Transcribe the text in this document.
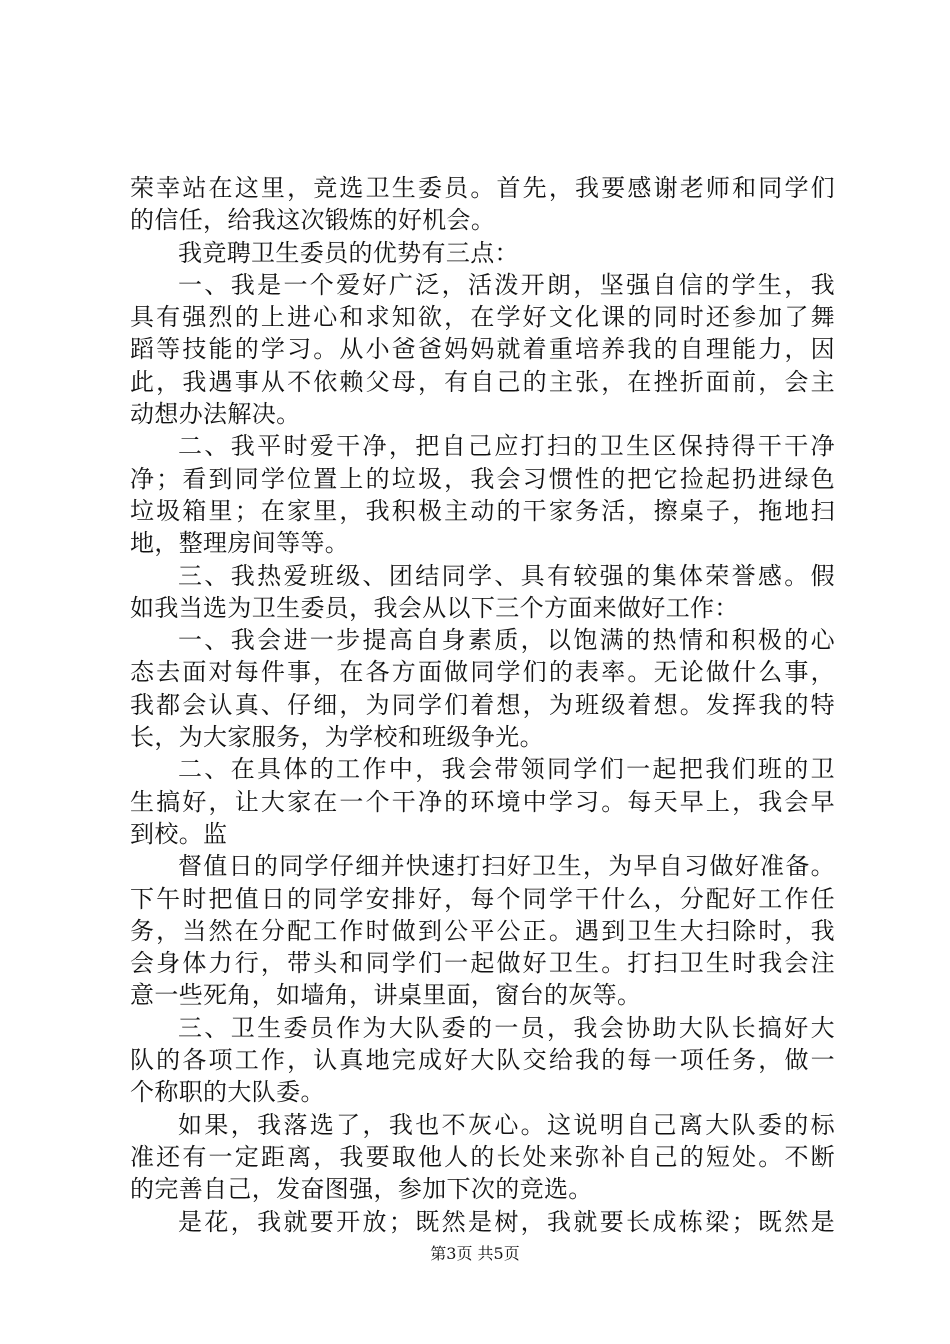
荣幸站在这里，竞选卫生委员。首先，我要感谢老师和同学们
的信任，给我这次锻炼的好机会。
我竞聘卫生委员的优势有三点：
一、我是一个爱好广泛，活泼开朗，坚强自信的学生，我
具有强烈的上进心和求知欲，在学好文化课的同时还参加了舞
蹈等技能的学习。从小爸爸妈妈就着重培养我的自理能力，因
此，我遇事从不依赖父母，有自己的主张，在挫折面前，会主
动想办法解决。
二、我平时爱干净，把自己应打扫的卫生区保持得干干净
净；看到同学位置上的垃圾，我会习惯性的把它捡起扔进绿色
垃圾箱里；在家里，我积极主动的干家务活，擦桌子，拖地扫
地，整理房间等等。
三、我热爱班级、团结同学、具有较强的集体荣誉感。假
如我当选为卫生委员，我会从以下三个方面来做好工作：
一、我会进一步提高自身素质，以饱满的热情和积极的心
态去面对每件事，在各方面做同学们的表率。无论做什么事，
我都会认真、仔细，为同学们着想，为班级着想。发挥我的特
长，为大家服务，为学校和班级争光。
二、在具体的工作中，我会带领同学们一起把我们班的卫
生搞好，让大家在一个干净的环境中学习。每天早上，我会早
到校。监
督值日的同学仔细并快速打扫好卫生，为早自习做好准备。
下午时把值日的同学安排好，每个同学干什么，分配好工作任
务，当然在分配工作时做到公平公正。遇到卫生大扫除时，我
会身体力行，带头和同学们一起做好卫生。打扫卫生时我会注
意一些死角，如墙角，讲桌里面，窗台的灰等。
三、卫生委员作为大队委的一员，我会协助大队长搞好大
队的各项工作，认真地完成好大队交给我的每一项任务，做一
个称职的大队委。
如果，我落选了，我也不灰心。这说明自己离大队委的标
准还有一定距离，我要取他人的长处来弥补自己的短处。不断
的完善自己，发奋图强，参加下次的竞选。
是花，我就要开放；既然是树，我就要长成栋梁；既然是
第3页 共5页
